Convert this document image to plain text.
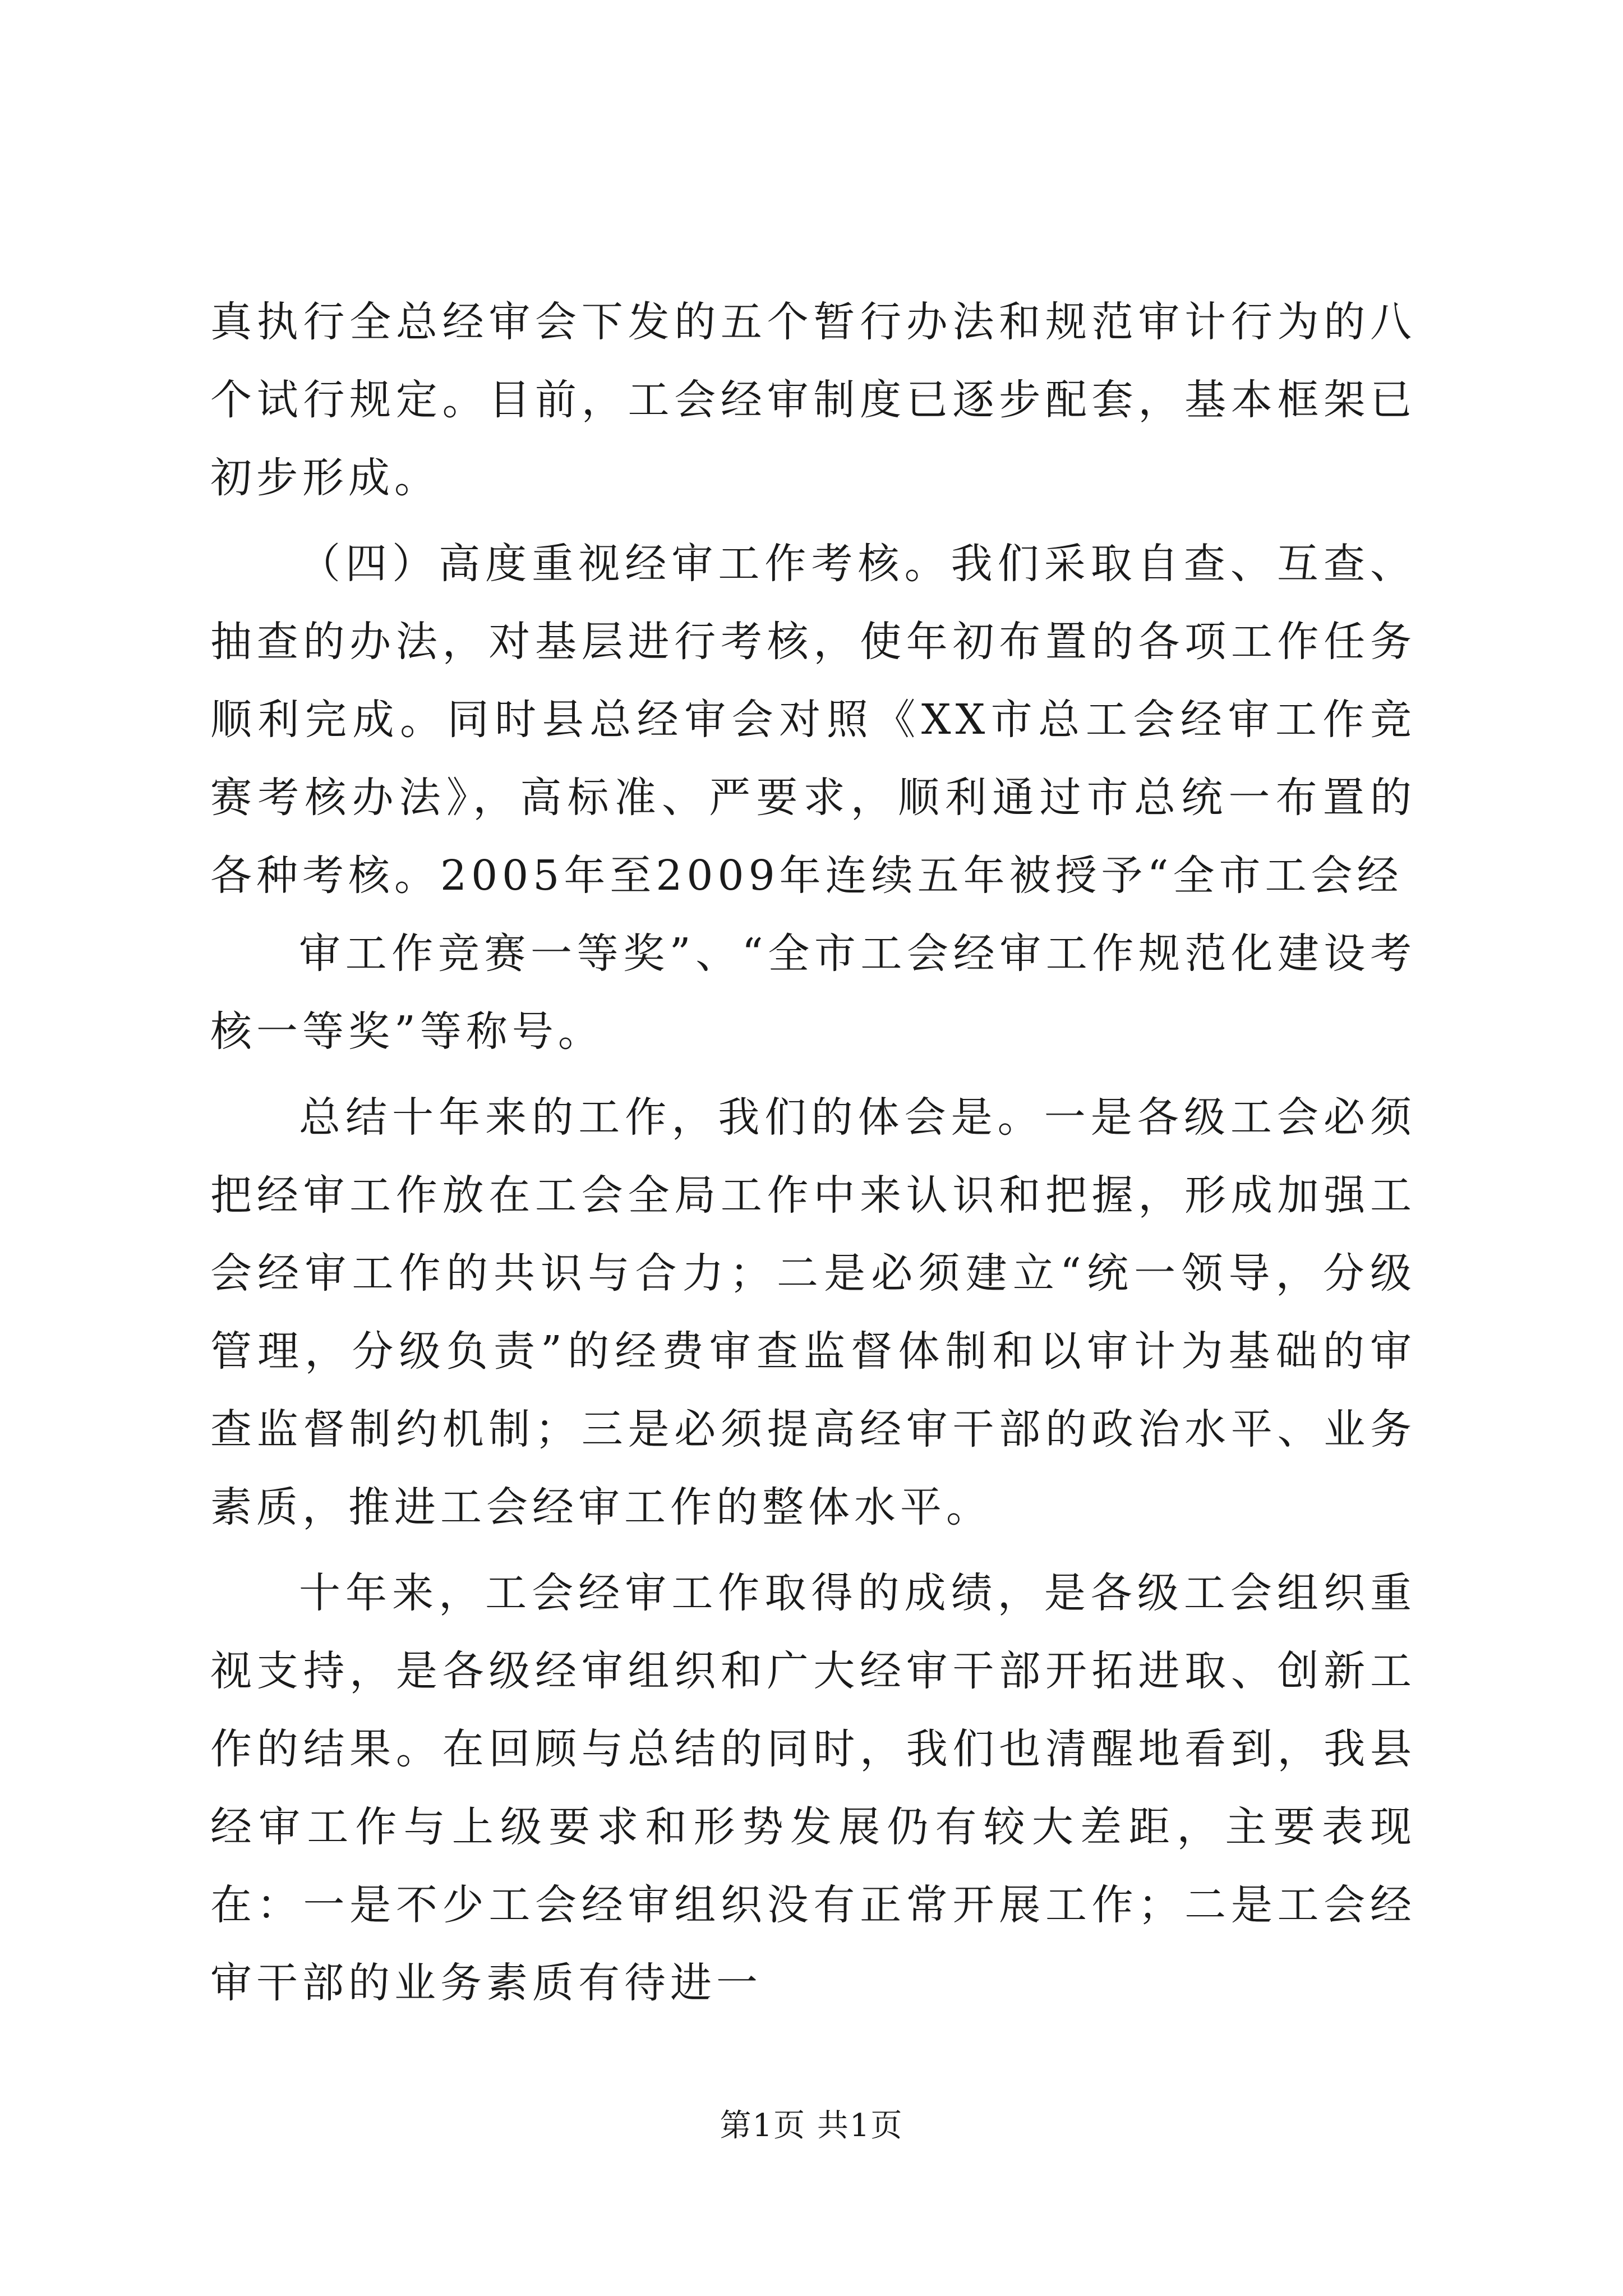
真执行全总经审会下发的五个暂行办法和规范审计行为的八个试行规定。目前，工会经审制度已逐步配套，基本框架已初步形成。

（四）高度重视经审工作考核。我们采取自查、互查、抽查的办法，对基层进行考核，使年初布置的各项工作任务顺利完成。同时县总经审会对照《XX市总工会经审工作竞赛考核办法》，高标准、严要求，顺利通过市总统一布置的各种考核。2005年至2009年连续五年被授予“全市工会经

审工作竞赛一等奖”、“全市工会经审工作规范化建设考核一等奖”等称号。

总结十年来的工作，我们的体会是。一是各级工会必须把经审工作放在工会全局工作中来认识和把握，形成加强工会经审工作的共识与合力；二是必须建立“统一领导，分级管理，分级负责”的经费审查监督体制和以审计为基础的审查监督制约机制；三是必须提高经审干部的政治水平、业务素质，推进工会经审工作的整体水平。

十年来，工会经审工作取得的成绩，是各级工会组织重视支持，是各级经审组织和广大经审干部开拓进取、创新工作的结果。在回顾与总结的同时，我们也清醒地看到，我县经审工作与上级要求和形势发展仍有较大差距，主要表现在：一是不少工会经审组织没有正常开展工作；二是工会经审干部的业务素质有待进一

第1页 共1页
